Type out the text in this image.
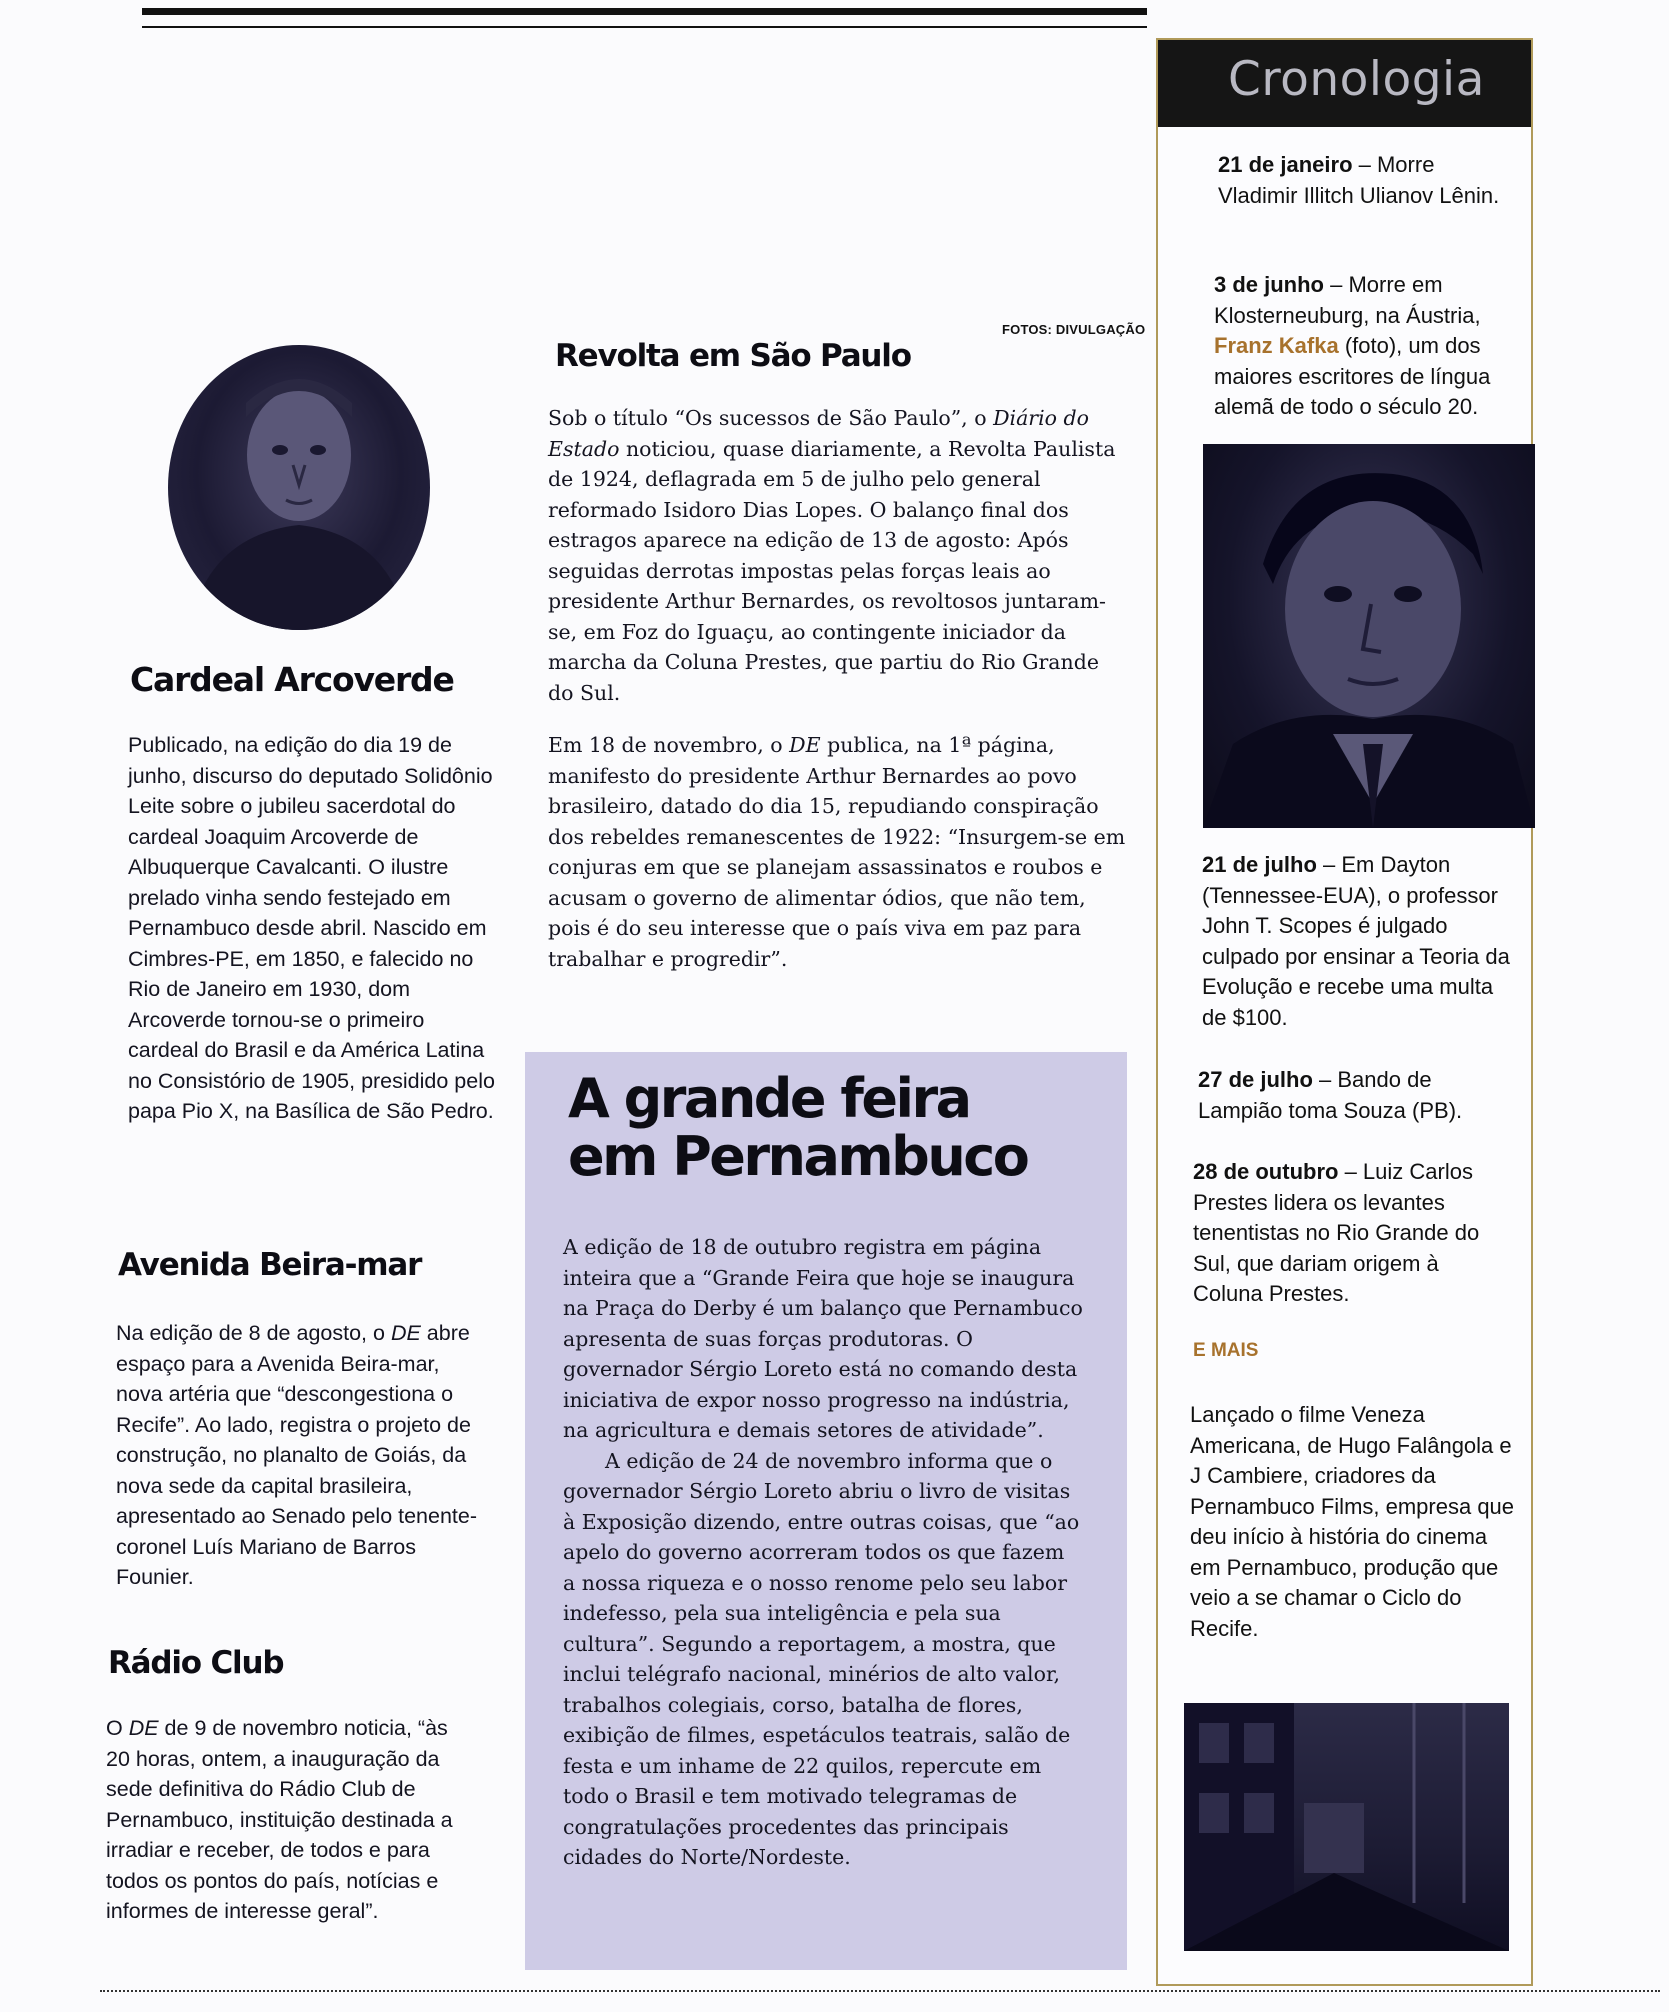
Cardeal Arcoverde

Publicado, na edição do dia 19 de junho, discurso do deputado Solidônio Leite sobre o jubileu sacerdotal do cardeal Joaquim Arcoverde de Albuquerque Cavalcanti. O ilustre prelado vinha sendo festejado em Pernambuco desde abril. Nascido em Cimbres-PE, em 1850, e falecido no Rio de Janeiro em 1930, dom Arcoverde tornou-se o primeiro cardeal do Brasil e da América Latina no Consistório de 1905, presidido pelo papa Pio X, na Basílica de São Pedro.

Avenida Beira-mar

Na edição de 8 de agosto, o DE abre espaço para a Avenida Beira-mar, nova artéria que “descongestiona o Recife”. Ao lado, registra o projeto de construção, no planalto de Goiás, da nova sede da capital brasileira, apresentado ao Senado pelo tenente-coronel Luís Mariano de Barros Founier.

Rádio Club

O DE de 9 de novembro noticia, “às 20 horas, ontem, a inauguração da sede definitiva do Rádio Club de Pernambuco, instituição destinada a irradiar e receber, de todos e para todos os pontos do país, notícias e informes de interesse geral”.

FOTOS: DIVULGAÇÃO
Revolta em São Paulo

Sob o título “Os sucessos de São Paulo”, o Diário do Estado noticiou, quase diariamente, a Revolta Paulista de 1924, deflagrada em 5 de julho pelo general reformado Isidoro Dias Lopes. O balanço final dos estragos aparece na edição de 13 de agosto: Após seguidas derrotas impostas pelas forças leais ao presidente Arthur Bernardes, os revoltosos juntaram-se, em Foz do Iguaçu, ao contingente iniciador da marcha da Coluna Prestes, que partiu do Rio Grande do Sul.

Em 18 de novembro, o DE publica, na 1ª página, manifesto do presidente Arthur Bernardes ao povo brasileiro, datado do dia 15, repudiando conspiração dos rebeldes remanescentes de 1922: “Insurgem-se em conjuras em que se planejam assassinatos e roubos e acusam o governo de alimentar ódios, que não tem, pois é do seu interesse que o país viva em paz para trabalhar e progredir”.

A grande feira em Pernambuco

A edição de 18 de outubro registra em página inteira que a “Grande Feira que hoje se inaugura na Praça do Derby é um balanço que Pernambuco apresenta de suas forças produtoras. O governador Sérgio Loreto está no comando desta iniciativa de expor nosso progresso na indústria, na agricultura e demais setores de atividade”.

A edição de 24 de novembro informa que o governador Sérgio Loreto abriu o livro de visitas à Exposição dizendo, entre outras coisas, que “ao apelo do governo acorreram todos os que fazem a nossa riqueza e o nosso renome pelo seu labor indefesso, pela sua inteligência e pela sua cultura”. Segundo a reportagem, a mostra, que inclui telégrafo nacional, minérios de alto valor, trabalhos colegiais, corso, batalha de flores, exibição de filmes, espetáculos teatrais, salão de festa e um inhame de 22 quilos, repercute em todo o Brasil e tem motivado telegramas de congratulações procedentes das principais cidades do Norte/Nordeste.

Cronologia

21 de janeiro – Morre Vladimir Illitch Ulianov Lênin.

3 de junho – Morre em Klosterneuburg, na Áustria, Franz Kafka (foto), um dos maiores escritores de língua alemã de todo o século 20.

21 de julho – Em Dayton (Tennessee-EUA), o professor John T. Scopes é julgado culpado por ensinar a Teoria da Evolução e recebe uma multa de $100.

27 de julho – Bando de Lampião toma Souza (PB).

28 de outubro – Luiz Carlos Prestes lidera os levantes tenentistas no Rio Grande do Sul, que dariam origem à Coluna Prestes.

E MAIS

Lançado o filme Veneza Americana, de Hugo Falângola e J Cambiere, criadores da Pernambuco Films, empresa que deu início à história do cinema em Pernambuco, produção que veio a se chamar o Ciclo do Recife.
